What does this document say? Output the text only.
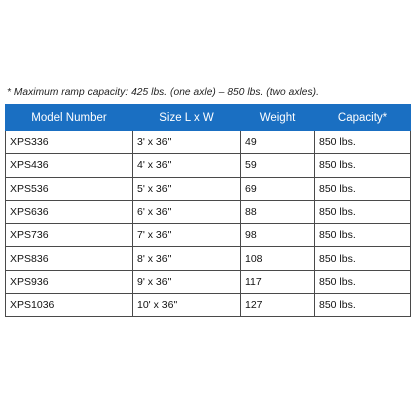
* Maximum ramp capacity: 425 lbs. (one axle) – 850 lbs. (two axles).
Model Number	Size L x W	Weight	Capacity*
XPS336	3' x 36"	49	850 lbs.
XPS436	4' x 36"	59	850 lbs.
XPS536	5' x 36"	69	850 lbs.
XPS636	6' x 36"	88	850 lbs.
XPS736	7' x 36"	98	850 lbs.
XPS836	8' x 36"	108	850 lbs.
XPS936	9' x 36"	117	850 lbs.
XPS1036	10' x 36"	127	850 lbs.
